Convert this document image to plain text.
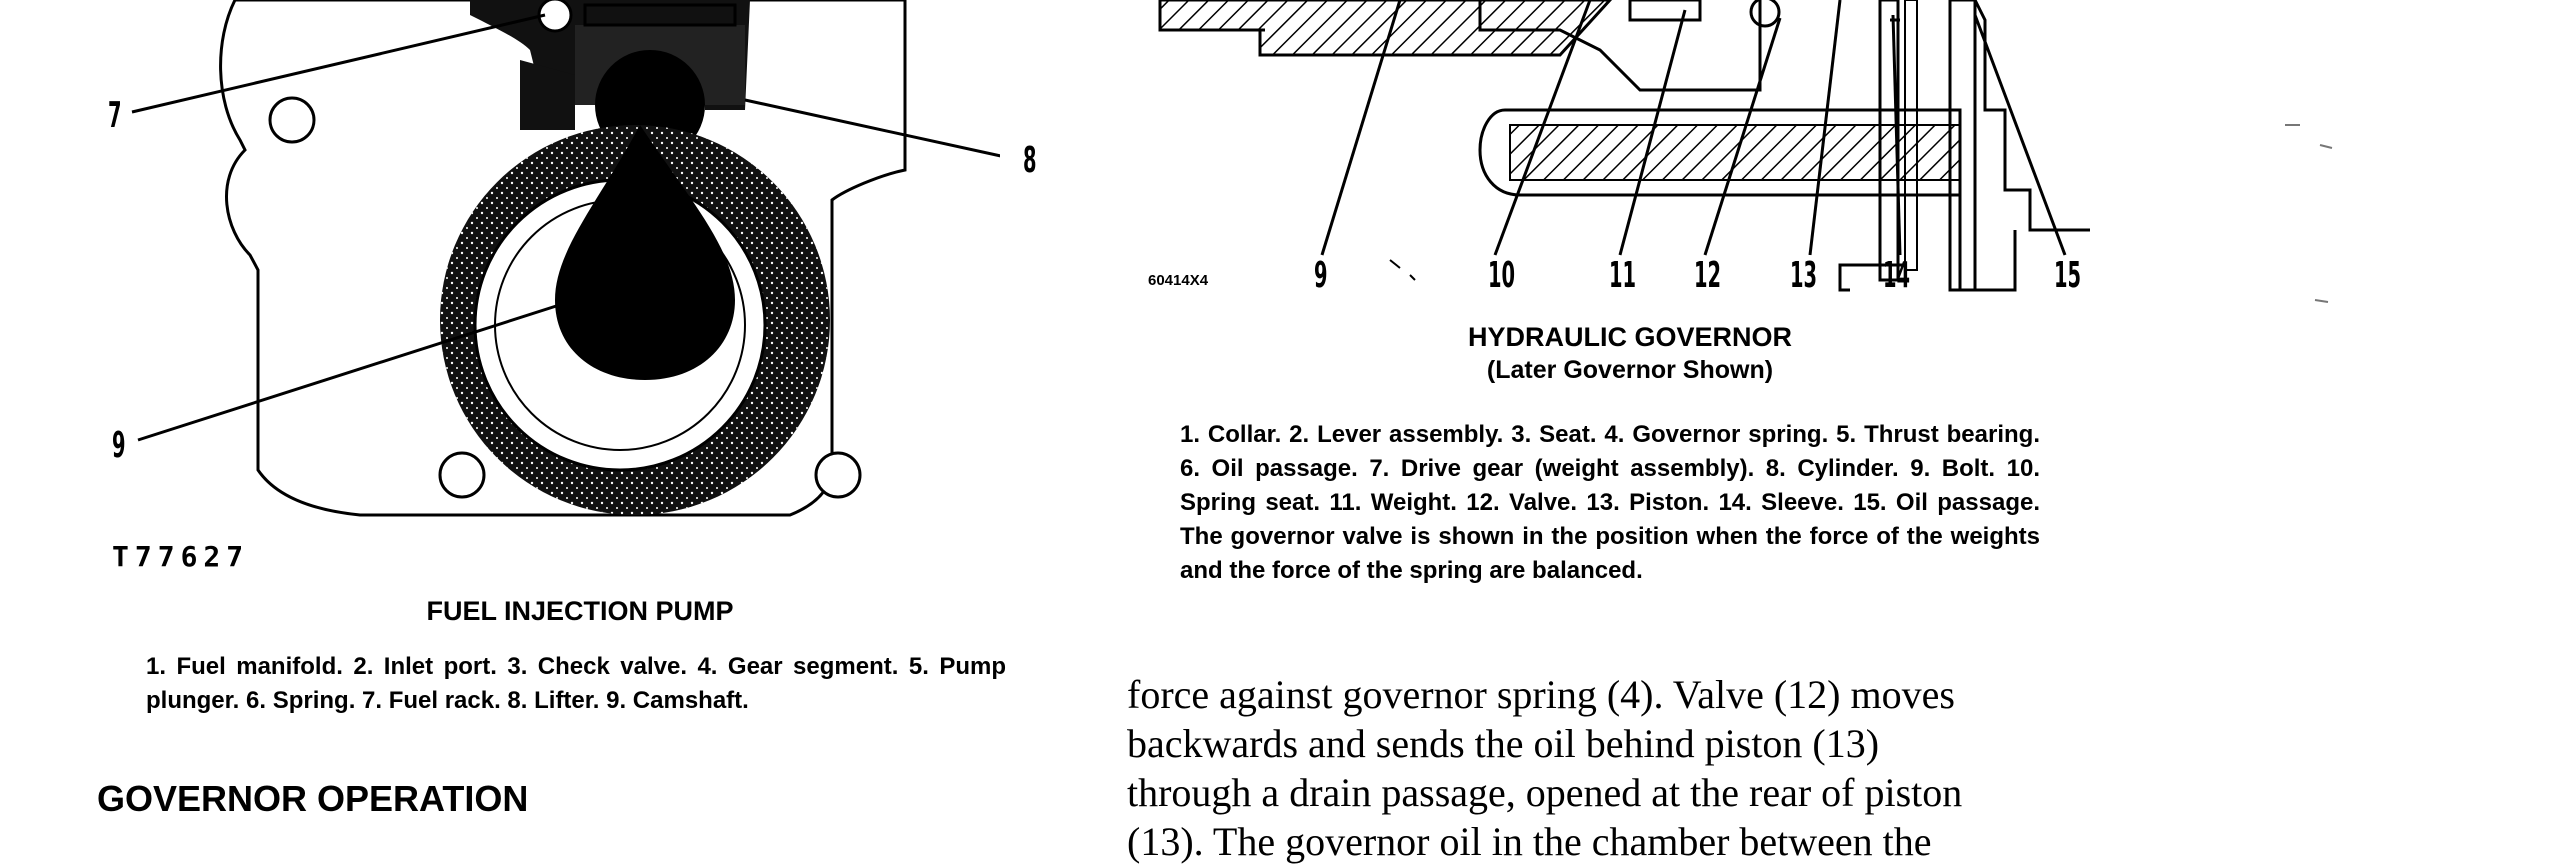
7
8
9
T77627
FUEL INJECTION PUMP
1. Fuel manifold. 2. Inlet port. 3. Check valve. 4. Gear segment. 5. Pump plunger. 6. Spring. 7. Fuel rack. 8. Lifter. 9. Camshaft.
GOVERNOR OPERATION
60414X4	9	10	11 12 13 14	15
HYDRAULIC GOVERNOR
(Later Governor Shown)
1. Collar. 2. Lever assembly. 3. Seat. 4. Governor spring. 5. Thrust bearing. 6. Oil passage. 7. Drive gear (weight assembly). 8. Cylinder. 9. Bolt. 10. Spring seat. 11. Weight. 12. Valve. 13. Piston. 14. Sleeve. 15. Oil passage. The governor valve is shown in the position when the force of the weights and the force of the spring are balanced.
force against governor spring (4). Valve (12) moves
backwards and sends the oil behind piston (13)
through a drain passage, opened at the rear of piston
(13). The governor oil in the chamber between the
